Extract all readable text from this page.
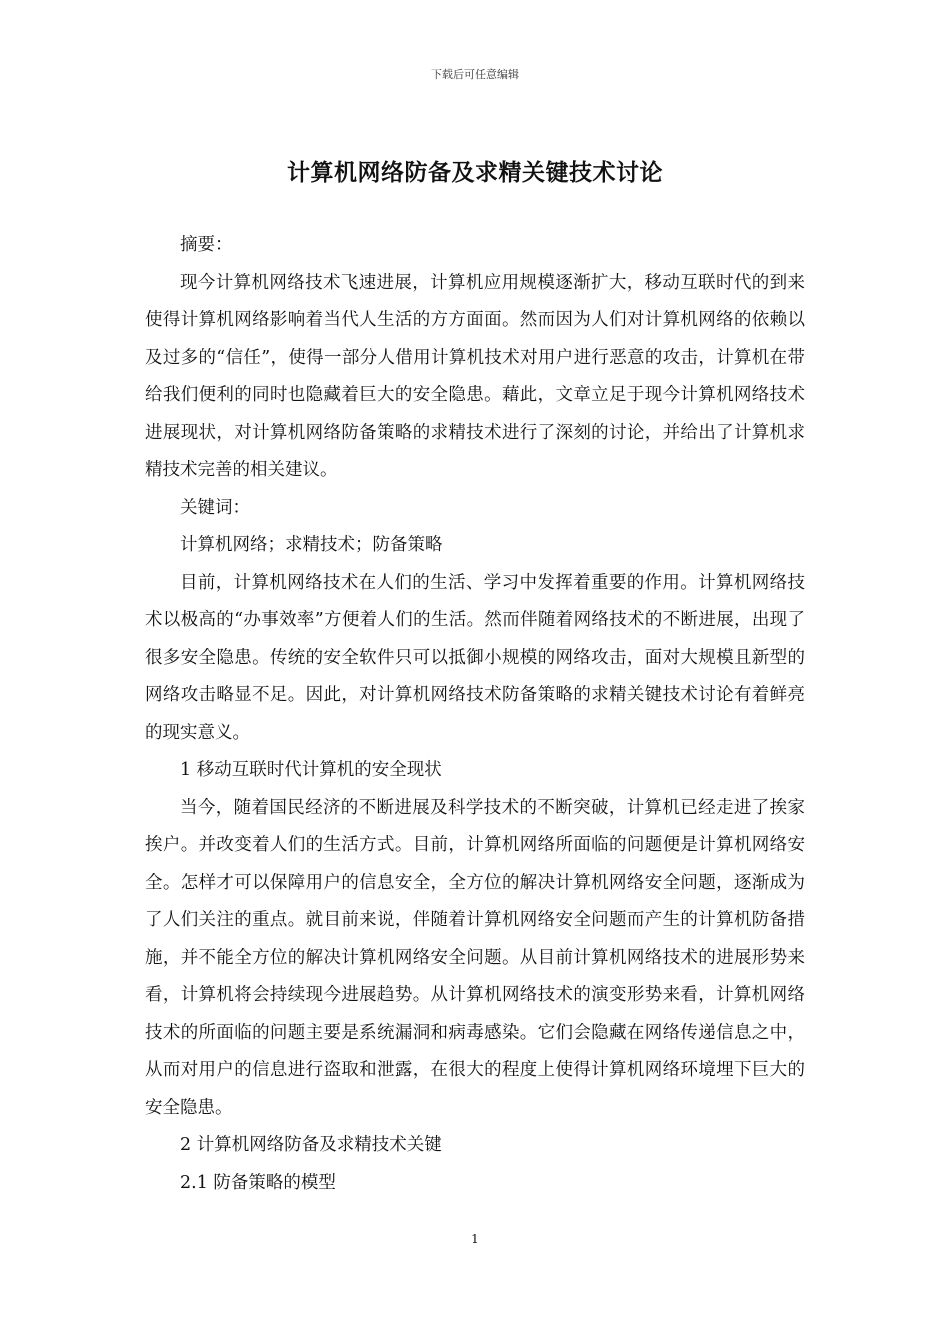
下载后可任意编辑
计算机网络防备及求精关键技术讨论

摘要：

现今计算机网络技术飞速进展，计算机应用规模逐渐扩大，移动互联时代的到来使得计算机网络影响着当代人生活的方方面面。然而因为人们对计算机网络的依赖以及过多的“信任”，使得一部分人借用计算机技术对用户进行恶意的攻击，计算机在带给我们便利的同时也隐藏着巨大的安全隐患。藉此，文章立足于现今计算机网络技术进展现状，对计算机网络防备策略的求精技术进行了深刻的讨论，并给出了计算机求精技术完善的相关建议。

关键词：

计算机网络；求精技术；防备策略

目前，计算机网络技术在人们的生活、学习中发挥着重要的作用。计算机网络技术以极高的“办事效率”方便着人们的生活。然而伴随着网络技术的不断进展，出现了很多安全隐患。传统的安全软件只可以抵御小规模的网络攻击，面对大规模且新型的网络攻击略显不足。因此，对计算机网络技术防备策略的求精关键技术讨论有着鲜亮的现实意义。

1 移动互联时代计算机的安全现状

当今，随着国民经济的不断进展及科学技术的不断突破，计算机已经走进了挨家挨户。并改变着人们的生活方式。目前，计算机网络所面临的问题便是计算机网络安全。怎样才可以保障用户的信息安全，全方位的解决计算机网络安全问题，逐渐成为了人们关注的重点。就目前来说，伴随着计算机网络安全问题而产生的计算机防备措施，并不能全方位的解决计算机网络安全问题。从目前计算机网络技术的进展形势来看，计算机将会持续现今进展趋势。从计算机网络技术的演变形势来看，计算机网络技术的所面临的问题主要是系统漏洞和病毒感染。它们会隐藏在网络传递信息之中，从而对用户的信息进行盗取和泄露，在很大的程度上使得计算机网络环境埋下巨大的安全隐患。

2 计算机网络防备及求精技术关键

2.1 防备策略的模型

1
